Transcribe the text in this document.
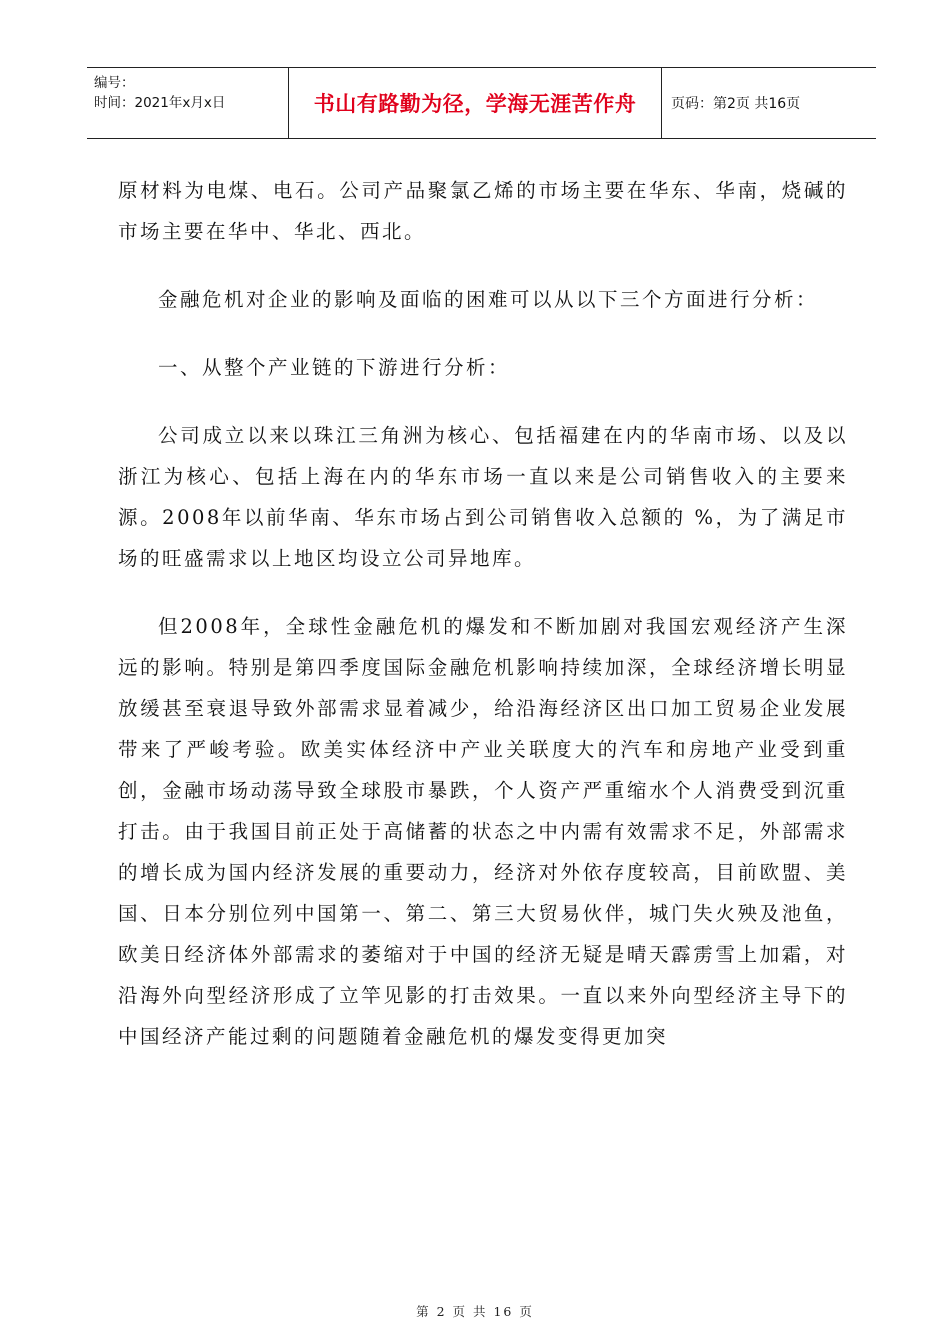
编号：
时间：2021年x月x日	书山有路勤为径，学海无涯苦作舟 页码：第2页 共16页

原材料为电煤、电石。公司产品聚氯乙烯的市场主要在华东、华南，烧碱的市场主要在华中、华北、西北。

金融危机对企业的影响及面临的困难可以从以下三个方面进行分析：

一、从整个产业链的下游进行分析：

公司成立以来以珠江三角洲为核心、包括福建在内的华南市场、以及以浙江为核心、包括上海在内的华东市场一直以来是公司销售收入的主要来源。2008年以前华南、华东市场占到公司销售收入总额的 %，为了满足市场的旺盛需求以上地区均设立公司异地库。

但2008年，全球性金融危机的爆发和不断加剧对我国宏观经济产生深远的影响。特别是第四季度国际金融危机影响持续加深，全球经济增长明显放缓甚至衰退导致外部需求显着减少，给沿海经济区出口加工贸易企业发展带来了严峻考验。欧美实体经济中产业关联度大的汽车和房地产业受到重创，金融市场动荡导致全球股市暴跌，个人资产严重缩水个人消费受到沉重打击。由于我国目前正处于高储蓄的状态之中内需有效需求不足，外部需求的增长成为国内经济发展的重要动力，经济对外依存度较高，目前欧盟、美国、日本分别位列中国第一、第二、第三大贸易伙伴，城门失火殃及池鱼，欧美日经济体外部需求的萎缩对于中国的经济无疑是晴天霹雳雪上加霜，对沿海外向型经济形成了立竿见影的打击效果。一直以来外向型经济主导下的中国经济产能过剩的问题随着金融危机的爆发变得更加突

第 2 页 共 16 页
